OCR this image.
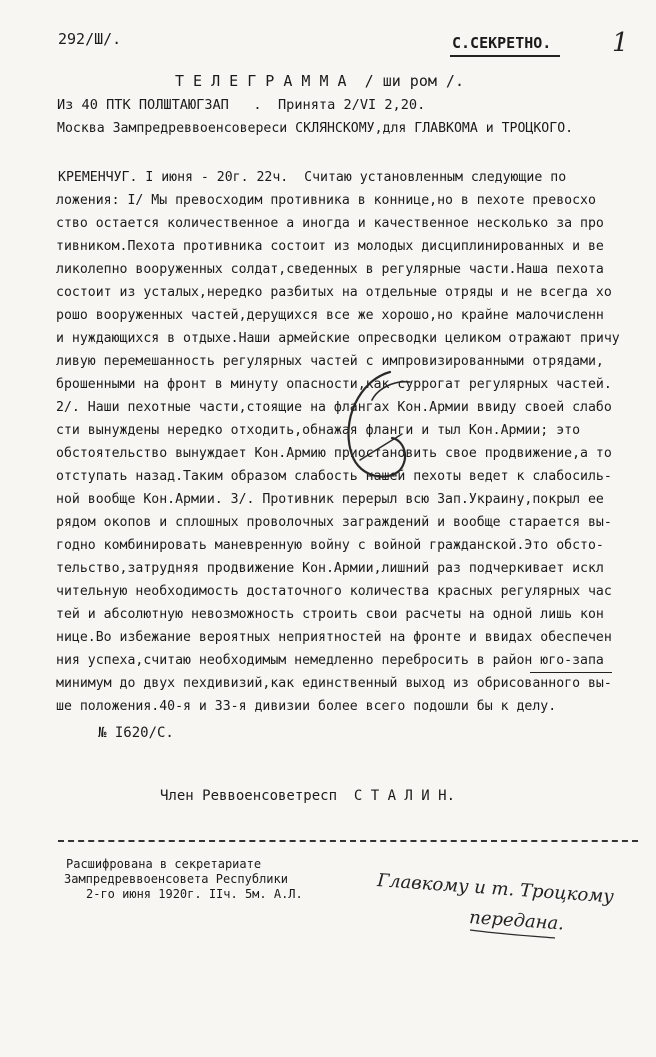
292/Ш/.	С.СЕКРЕТНО. 1
Т Е Л Е Г Р А М М А  / ши ром /.
Из 40 ПТК ПОЛШТАЮГЗАП   .  Принята 2/VI 2,20.
Москва Зампредреввоенсовереси СКЛЯНСКОМУ,для ГЛАВКОМА и ТРОЦКОГО.
КРЕМЕНЧУГ. I июня - 20г. 22ч.  Считаю установленным следующие по
ложения: I/ Мы превосходим противника в коннице,но в пехоте превосхо
ство остается количественное а иногда и качественное несколько за про
тивником.Пехота противника состоит из молодых дисциплинированных и ве
ликолепно вооруженных солдат,сведенных в регулярные части.Наша пехота
состоит из усталых,нередко разбитых на отдельные отряды и не всегда хо
рошо вооруженных частей,дерущихся все же хорошо,но крайне малочисленн
и нуждающихся в отдыхе.Наши армейские опресводки целиком отражают причу
ливую перемешанность регулярных частей с импровизированными отрядами,
брошенными на фронт в минуту опасности,как суррогат регулярных частей.
2/. Наши пехотные части,стоящие на флангах Кон.Армии ввиду своей слабо
сти вынуждены нередко отходить,обнажая фланги и тыл Кон.Армии; это
обстоятельство вынуждает Кон.Армию приостановить свое продвижение,а то
отступать назад.Таким образом слабость нашей пехоты ведет к слабосиль-
ной вообще Кон.Армии. 3/. Противник перерыл всю Зап.Украину,покрыл ее
рядом окопов и сплошных проволочных заграждений и вообще старается вы-
годно комбинировать маневренную войну с войной гражданской.Это обсто-
тельство,затрудняя продвижение Кон.Армии,лишний раз подчеркивает искл
чительную необходимость достаточного количества красных регулярных час
тей и абсолютную невозможность строить свои расчеты на одной лишь кон
нице.Во избежание вероятных неприятностей на фронте и ввидах обеспечен
ния успеха,считаю необходимым немедленно перебросить в район юго-запа
минимум до двух пехдивизий,как единственный выход из обрисованного вы-
ше положения.40-я и 33-я дивизии более всего подошли бы к делу.
№ I620/С.
Член Реввоенсоветресп  С Т А Л И Н.
Расшифрована в секретариате
Зампредреввоенсовета Республики
2-го июня 1920г. IIч. 5м. А.Л.	Главкому и т. Троцкому
передана.
